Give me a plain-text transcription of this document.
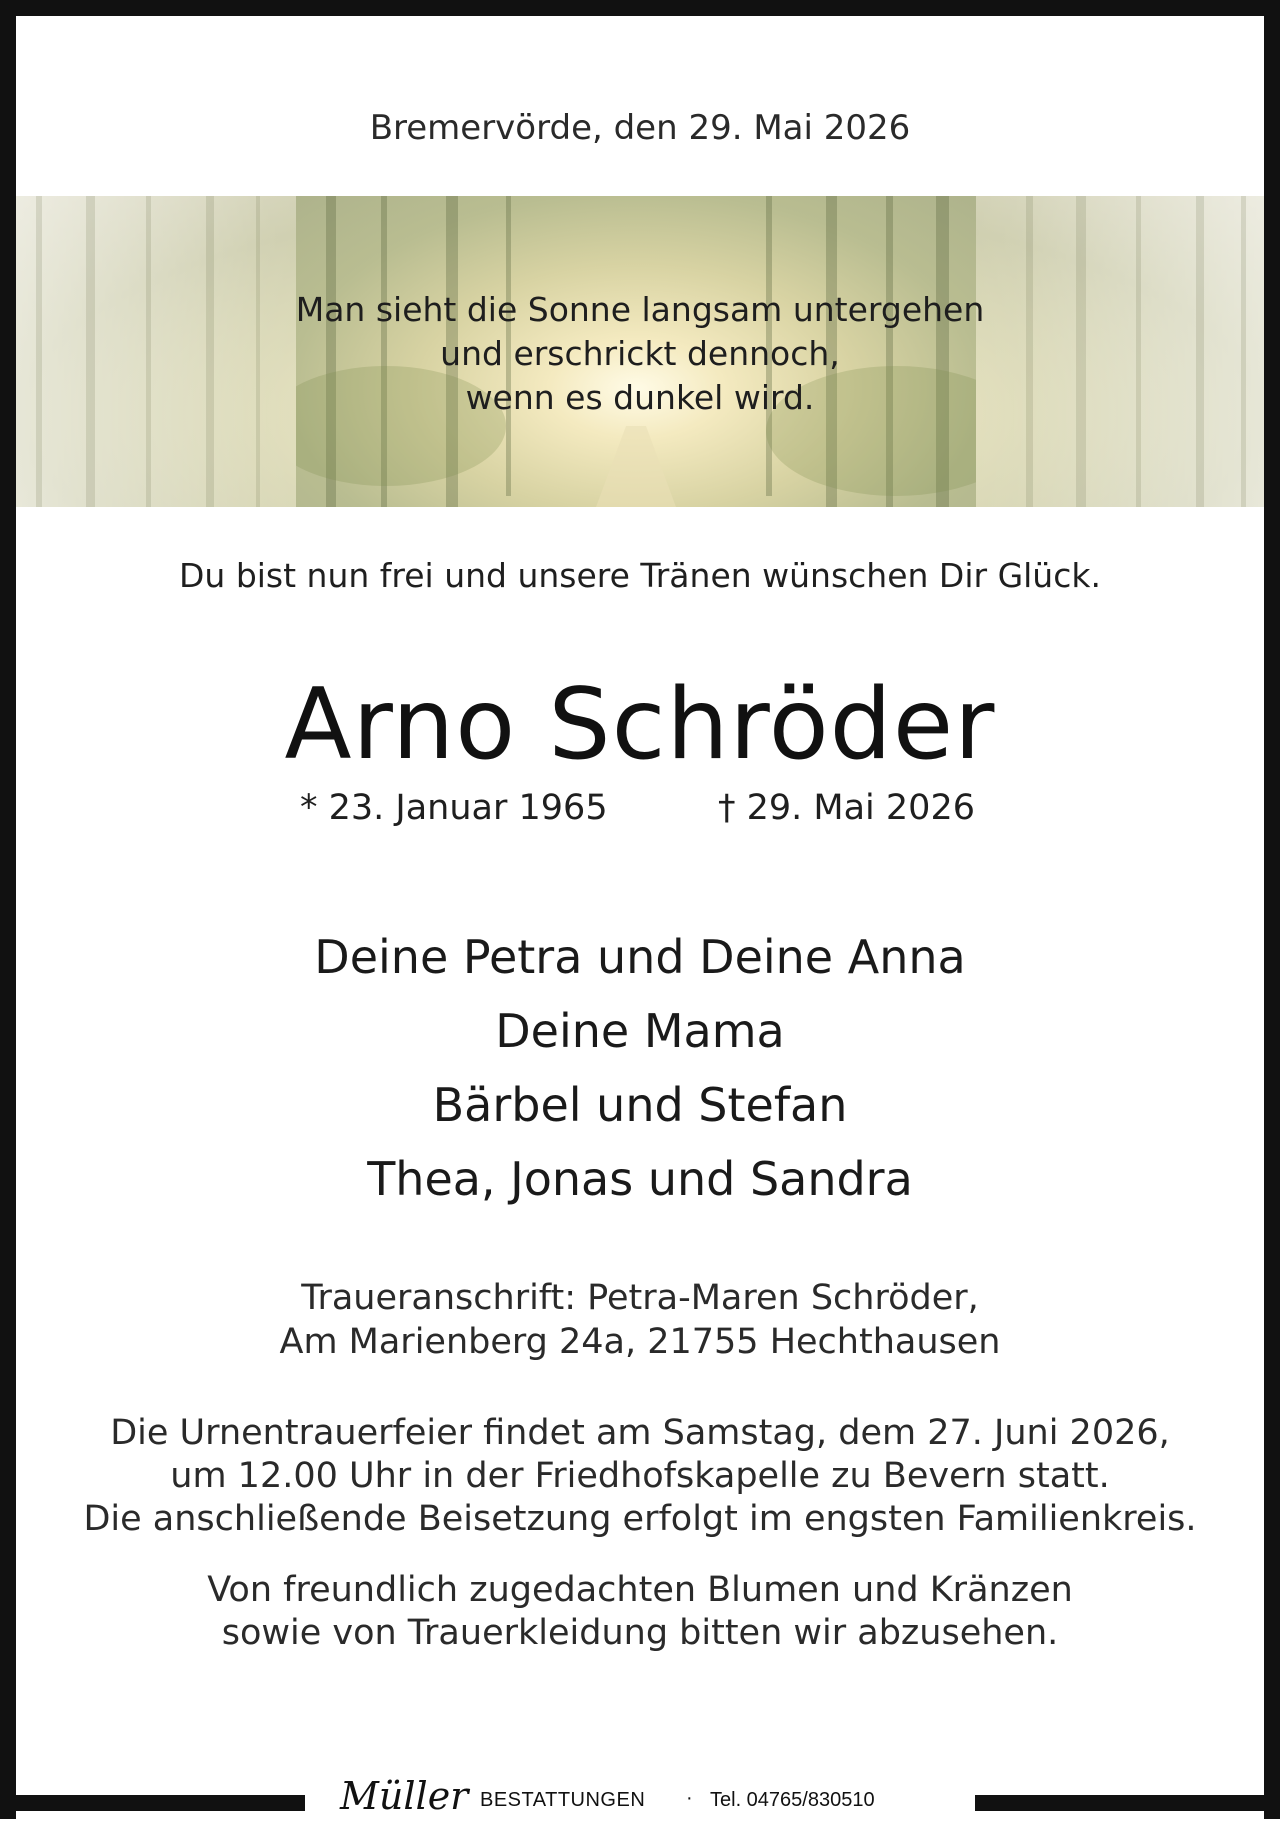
Bremervörde, den 29. Mai 2026
Man sieht die Sonne langsam untergehen
und erschrickt dennoch,
wenn es dunkel wird.
Du bist nun frei und unsere Tränen wünschen Dir Glück.
Arno Schröder
* 23. Januar 1965	† 29. Mai 2026
Deine Petra und Deine Anna
Deine Mama
Bärbel und Stefan
Thea, Jonas und Sandra
Traueranschrift: Petra-Maren Schröder,
Am Marienberg 24a, 21755 Hechthausen
Die Urnentrauerfeier findet am Samstag, dem 27. Juni 2026,
um 12.00 Uhr in der Friedhofskapelle zu Bevern statt.
Die anschließende Beisetzung erfolgt im engsten Familienkreis.
Von freundlich zugedachten Blumen und Kränzen
sowie von Trauerkleidung bitten wir abzusehen.
Müller BESTATTUNGEN · Tel. 04765/830510
